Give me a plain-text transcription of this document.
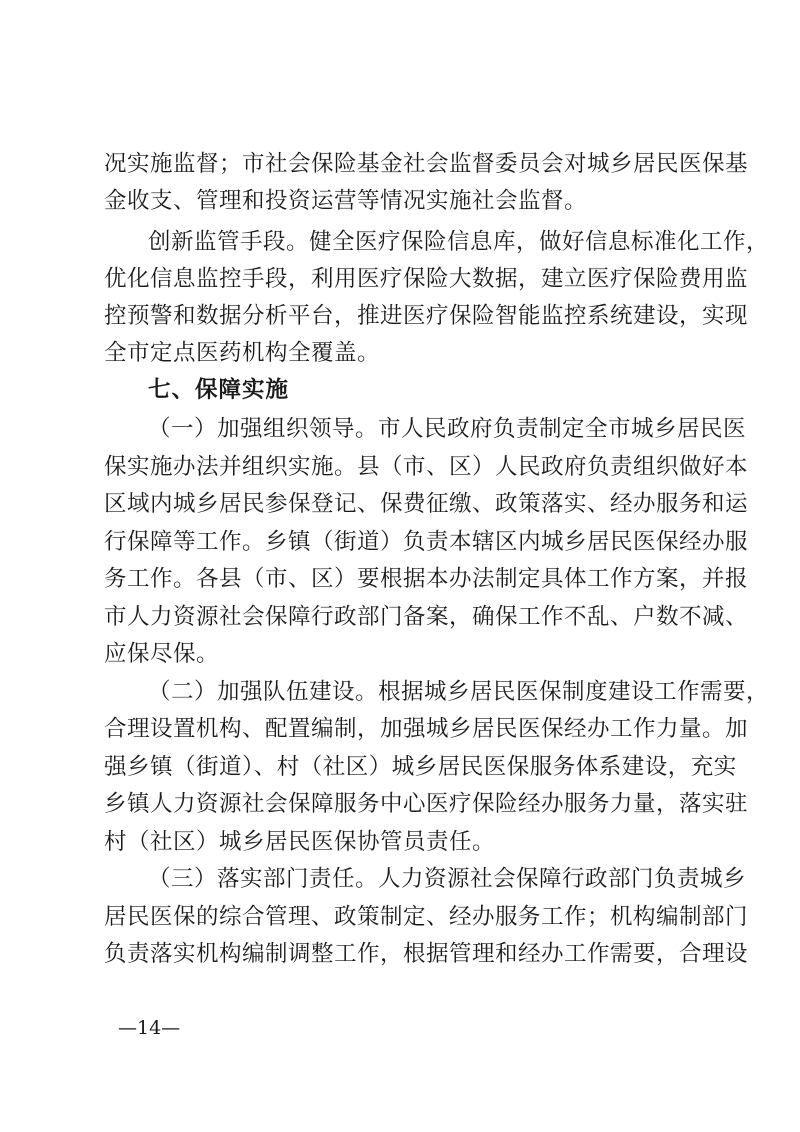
况实施监督；市社会保险基金社会监督委员会对城乡居民医保基
金收支、管理和投资运营等情况实施社会监督。
创新监管手段。健全医疗保险信息库，做好信息标准化工作，
优化信息监控手段，利用医疗保险大数据，建立医疗保险费用监
控预警和数据分析平台，推进医疗保险智能监控系统建设，实现
全市定点医药机构全覆盖。
七、保障实施
（一）加强组织领导。市人民政府负责制定全市城乡居民医
保实施办法并组织实施。县（市、区）人民政府负责组织做好本
区域内城乡居民参保登记、保费征缴、政策落实、经办服务和运
行保障等工作。乡镇（街道）负责本辖区内城乡居民医保经办服
务工作。各县（市、区）要根据本办法制定具体工作方案，并报
市人力资源社会保障行政部门备案，确保工作不乱、户数不减、
应保尽保。
（二）加强队伍建设。根据城乡居民医保制度建设工作需要，
合理设置机构、配置编制，加强城乡居民医保经办工作力量。加
强乡镇（街道）、村（社区）城乡居民医保服务体系建设，充实
乡镇人力资源社会保障服务中心医疗保险经办服务力量，落实驻
村（社区）城乡居民医保协管员责任。
（三）落实部门责任。人力资源社会保障行政部门负责城乡
居民医保的综合管理、政策制定、经办服务工作；机构编制部门
负责落实机构编制调整工作，根据管理和经办工作需要，合理设
—14—
